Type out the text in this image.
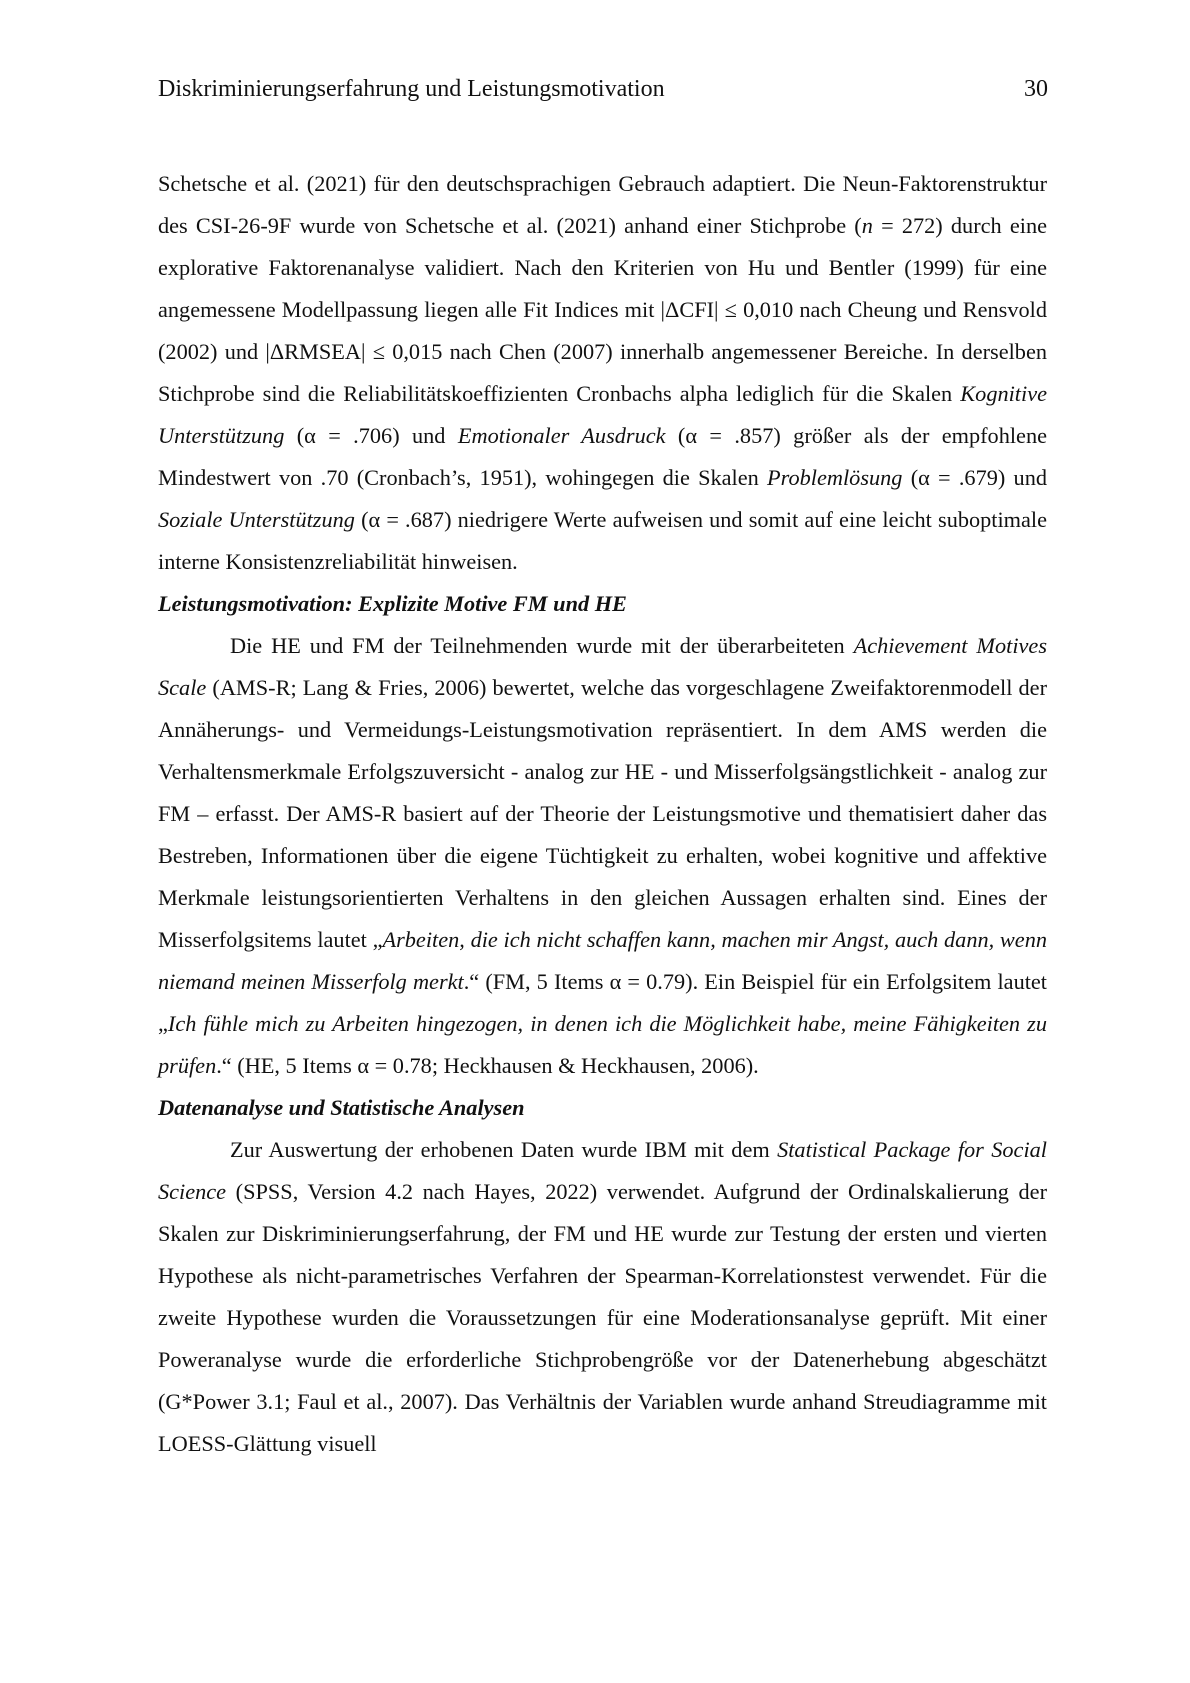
Diskriminierungserfahrung und Leistungsmotivation	30

Schetsche et al. (2021) für den deutschsprachigen Gebrauch adaptiert. Die Neun-Faktorenstruktur des CSI-26-9F wurde von Schetsche et al. (2021) anhand einer Stichprobe (n = 272) durch eine explorative Faktorenanalyse validiert. Nach den Kriterien von Hu und Bentler (1999) für eine angemessene Modellpassung liegen alle Fit Indices mit |ΔCFI| ≤ 0,010 nach Cheung und Rensvold (2002) und |ΔRMSEA| ≤ 0,015 nach Chen (2007) innerhalb angemessener Bereiche. In derselben Stichprobe sind die Reliabilitätskoeffizienten Cronbachs alpha lediglich für die Skalen Kognitive Unterstützung (α = .706) und Emotionaler Ausdruck (α = .857) größer als der empfohlene Mindestwert von .70 (Cronbach’s, 1951), wohingegen die Skalen Problemlösung (α = .679) und Soziale Unterstützung (α = .687) niedrigere Werte aufweisen und somit auf eine leicht suboptimale interne Konsistenzreliabilität hinweisen.

Leistungsmotivation: Explizite Motive FM und HE

Die HE und FM der Teilnehmenden wurde mit der überarbeiteten Achievement Motives Scale (AMS-R; Lang & Fries, 2006) bewertet, welche das vorgeschlagene Zweifaktorenmodell der Annäherungs- und Vermeidungs-Leistungsmotivation repräsentiert. In dem AMS werden die Verhaltensmerkmale Erfolgszuversicht - analog zur HE - und Misserfolgsängstlichkeit - analog zur FM – erfasst. Der AMS-R basiert auf der Theorie der Leistungsmotive und thematisiert daher das Bestreben, Informationen über die eigene Tüchtigkeit zu erhalten, wobei kognitive und affektive Merkmale leistungsorientierten Verhaltens in den gleichen Aussagen erhalten sind. Eines der Misserfolgsitems lautet „Arbeiten, die ich nicht schaffen kann, machen mir Angst, auch dann, wenn niemand meinen Misserfolg merkt.“ (FM, 5 Items α = 0.79). Ein Beispiel für ein Erfolgsitem lautet „Ich fühle mich zu Arbeiten hingezogen, in denen ich die Möglichkeit habe, meine Fähigkeiten zu prüfen.“ (HE, 5 Items α = 0.78; Heckhausen & Heckhausen, 2006).

Datenanalyse und Statistische Analysen

Zur Auswertung der erhobenen Daten wurde IBM mit dem Statistical Package for Social Science (SPSS, Version 4.2 nach Hayes, 2022) verwendet. Aufgrund der Ordinalskalierung der Skalen zur Diskriminierungserfahrung, der FM und HE wurde zur Testung der ersten und vierten Hypothese als nicht-parametrisches Verfahren der Spearman-Korrelationstest verwendet. Für die zweite Hypothese wurden die Voraussetzungen für eine Moderationsanalyse geprüft. Mit einer Poweranalyse wurde die erforderliche Stichprobengröße vor der Datenerhebung abgeschätzt (G*Power 3.1; Faul et al., 2007). Das Verhältnis der Variablen wurde anhand Streudiagramme mit LOESS-Glättung visuell
